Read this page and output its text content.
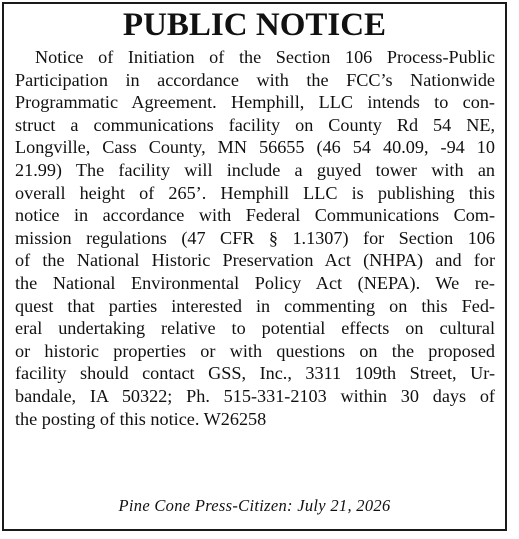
PUBLIC NOTICE
Notice of Initiation of the Section 106 Process-Public
Participation in accordance with the FCC’s Nationwide
Programmatic Agreement. Hemphill, LLC intends to con-
struct a communications facility on County Rd 54 NE,
Longville, Cass County, MN 56655 (46 54 40.09, -94 10
21.99) The facility will include a guyed tower with an
overall height of 265’. Hemphill LLC is publishing this
notice in accordance with Federal Communications Com-
mission regulations (47 CFR § 1.1307) for Section 106
of the National Historic Preservation Act (NHPA) and for
the National Environmental Policy Act (NEPA). We re-
quest that parties interested in commenting on this Fed-
eral undertaking relative to potential effects on cultural
or historic properties or with questions on the proposed
facility should contact GSS, Inc., 3311 109th Street, Ur-
bandale, IA 50322; Ph. 515-331-2103 within 30 days of
the posting of this notice. W26258
Pine Cone Press-Citizen: July 21, 2026
